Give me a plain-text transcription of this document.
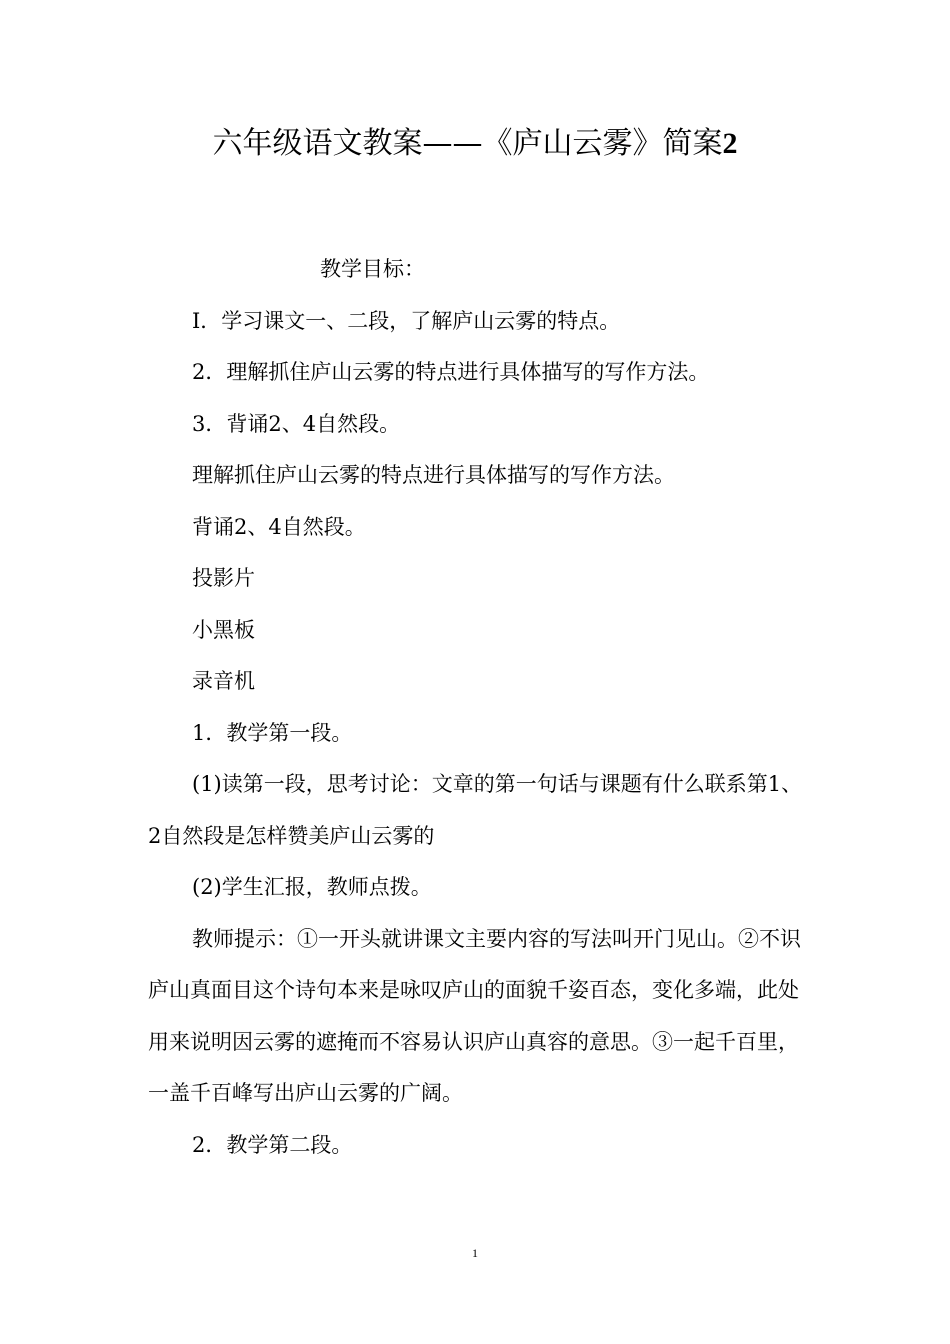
六年级语文教案——《庐山云雾》简案2

教学目标：

I．学习课文一、二段，了解庐山云雾的特点。

2．理解抓住庐山云雾的特点进行具体描写的写作方法。

3．背诵2、4自然段。

理解抓住庐山云雾的特点进行具体描写的写作方法。

背诵2、4自然段。

投影片

小黑板

录音机

1．教学第一段。

(1)读第一段，思考讨论：文章的第一句话与课题有什么联系第1、2自然段是怎样赞美庐山云雾的

(2)学生汇报，教师点拨。

教师提示：①一开头就讲课文主要内容的写法叫开门见山。②不识庐山真面目这个诗句本来是咏叹庐山的面貌千姿百态，变化多端，此处用来说明因云雾的遮掩而不容易认识庐山真容的意思。③一起千百里，一盖千百峰写出庐山云雾的广阔。

2．教学第二段。

1
